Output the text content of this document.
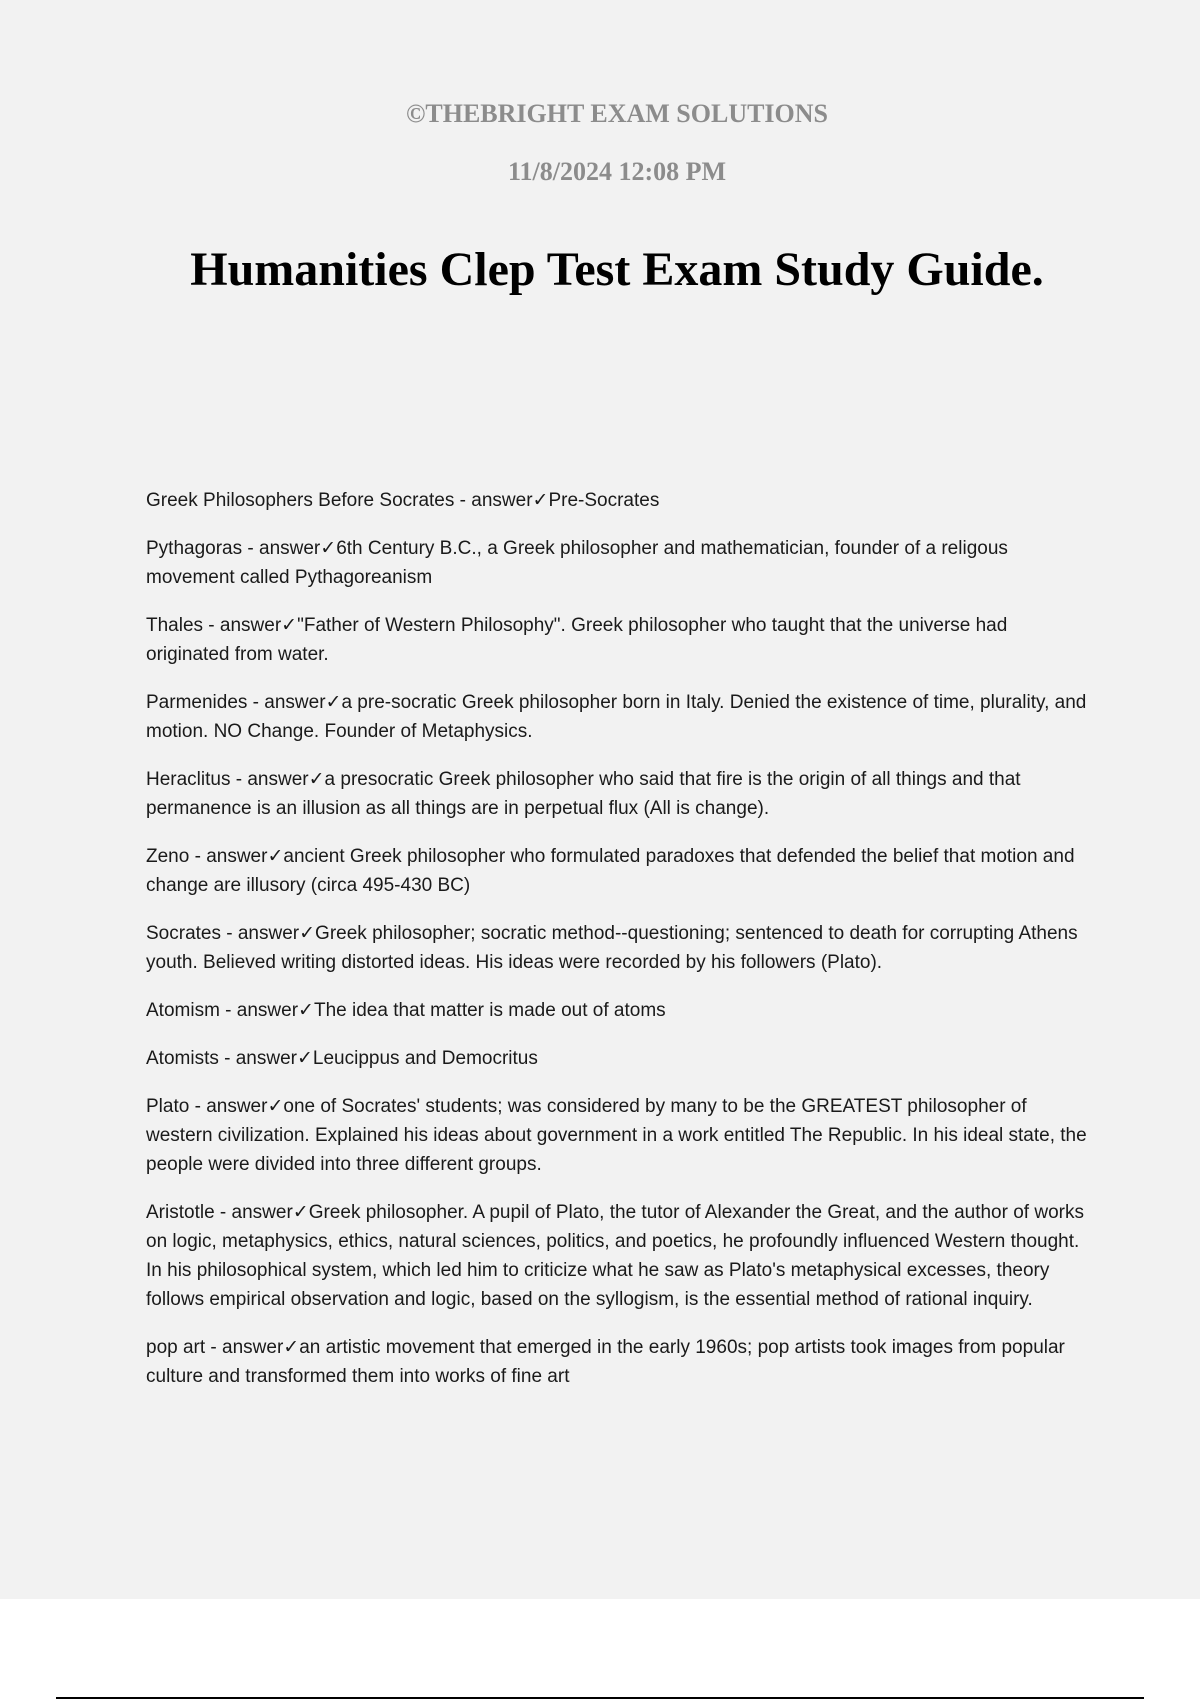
©THEBRIGHT EXAM SOLUTIONS

11/8/2024 12:08 PM

Humanities Clep Test Exam Study Guide.

Greek Philosophers Before Socrates - answer✓Pre-Socrates

Pythagoras - answer✓6th Century B.C., a Greek philosopher and mathematician, founder of a religous movement called Pythagoreanism

Thales - answer✓"Father of Western Philosophy". Greek philosopher who taught that the universe had originated from water.

Parmenides - answer✓a pre-socratic Greek philosopher born in Italy. Denied the existence of time, plurality, and motion. NO Change. Founder of Metaphysics.

Heraclitus - answer✓a presocratic Greek philosopher who said that fire is the origin of all things and that permanence is an illusion as all things are in perpetual flux (All is change).

Zeno - answer✓ancient Greek philosopher who formulated paradoxes that defended the belief that motion and change are illusory (circa 495-430 BC)

Socrates - answer✓Greek philosopher; socratic method--questioning; sentenced to death for corrupting Athens youth. Believed writing distorted ideas. His ideas were recorded by his followers (Plato).

Atomism - answer✓The idea that matter is made out of atoms

Atomists - answer✓Leucippus and Democritus

Plato - answer✓one of Socrates' students; was considered by many to be the GREATEST philosopher of western civilization. Explained his ideas about government in a work entitled The Republic. In his ideal state, the people were divided into three different groups.

Aristotle - answer✓Greek philosopher. A pupil of Plato, the tutor of Alexander the Great, and the author of works on logic, metaphysics, ethics, natural sciences, politics, and poetics, he profoundly influenced Western thought. In his philosophical system, which led him to criticize what he saw as Plato's metaphysical excesses, theory follows empirical observation and logic, based on the syllogism, is the essential method of rational inquiry.

pop art - answer✓an artistic movement that emerged in the early 1960s; pop artists took images from popular culture and transformed them into works of fine art
